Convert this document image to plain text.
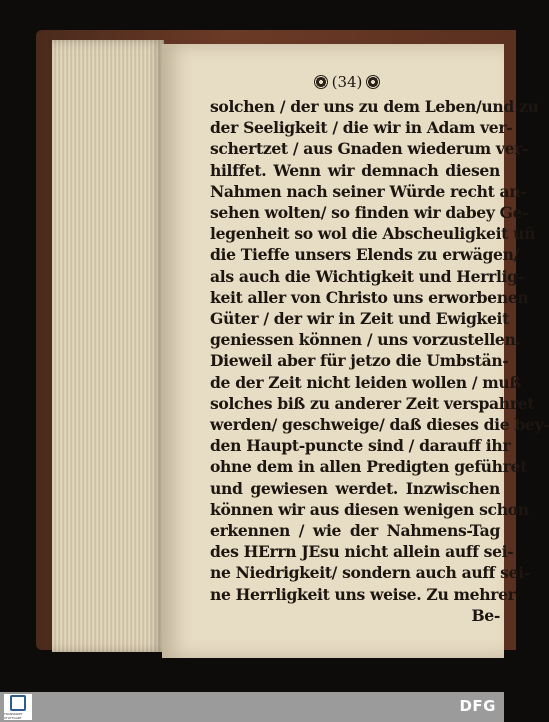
(34)
solchen / der uns zu dem Leben/und zu
der Seeligkeit / die wir in Adam ver-
schertzet / aus Gnaden wiederum ver-
hilffet. Wenn wir demnach diesen
Nahmen nach seiner Würde recht an-
sehen wolten/ so finden wir dabey Ge-
legenheit so wol die Abscheuligkeit uñ
die Tieffe unsers Elends zu erwägen/
als auch die Wichtigkeit und Herrlig-
keit aller von Christo uns erworbenen
Güter / der wir in Zeit und Ewigkeit
geniessen können / uns vorzustellen.
Dieweil aber für jetzo die Umbstän-
de der Zeit nicht leiden wollen / muß
solches biß zu anderer Zeit verspahret
werden/ geschweige/ daß dieses die bey-
den Haupt-puncte sind / darauff ihr
ohne dem in allen Predigten geführet
und gewiesen werdet. Inzwischen
können wir aus diesen wenigen schon
erkennen / wie der Nahmens-Tag
des HErrn JEsu nicht allein auff sei-
ne Niedrigkeit/ sondern auch auff sei-
ne Herrligkeit uns weise. Zu mehrer
Be-
TRANSKRIPT STUTTGART
DFG
